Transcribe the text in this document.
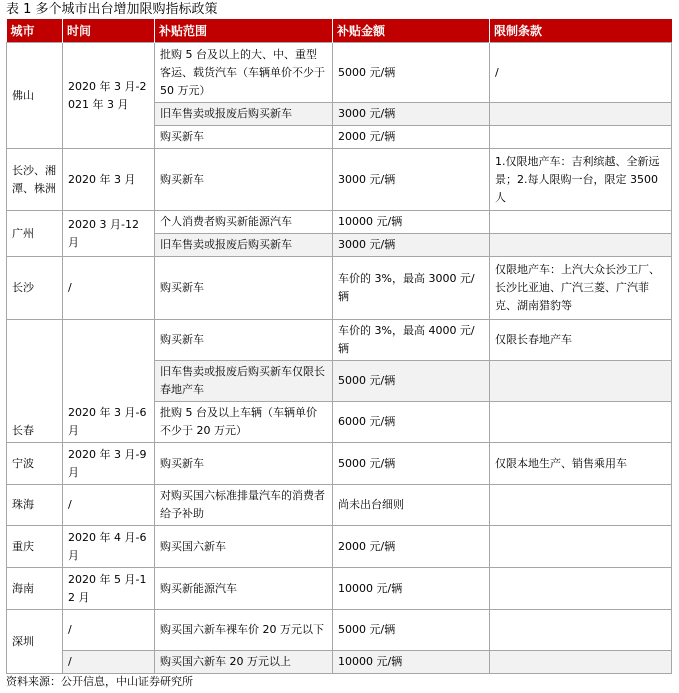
表 1 多个城市出台增加限购指标政策
城市	时间	补贴范围	补贴金额	限制条款
佛山	2020 年 3 月-2021 年 3 月	批购 5 台及以上的大、中、重型客运、载货汽车（车辆单价不少于 50 万元）	5000 元/辆	/
		旧车售卖或报废后购买新车	3000 元/辆	
		购买新车	2000 元/辆	
长沙、湘潭、株洲	2020 年 3 月	购买新车	3000 元/辆	1.仅限地产车：吉利缤越、全新远景；2.每人限购一台，限定 3500 人
广州	2020 3 月-12 月	个人消费者购买新能源汽车	10000 元/辆	
		旧车售卖或报废后购买新车	3000 元/辆	
长沙	/	购买新车	车价的 3%，最高 3000 元/辆	仅限地产车：上汽大众长沙工厂、长沙比亚迪、广汽三菱、广汽菲克、湖南猎豹等
长春	2020 年 3 月-6 月	购买新车	车价的 3%，最高 4000 元/辆	仅限长春地产车
		旧车售卖或报废后购买新车仅限长春地产车	5000 元/辆	
		批购 5 台及以上车辆（车辆单价不少于 20 万元）	6000 元/辆	
宁波	2020 年 3 月-9 月	购买新车	5000 元/辆	仅限本地生产、销售乘用车
珠海	/	对购买国六标准排量汽车的消费者给予补助	尚未出台细则	
重庆	2020 年 4 月-6 月	购买国六新车	2000 元/辆	
海南	2020 年 5 月-12 月	购买新能源汽车	10000 元/辆	
深圳	/	购买国六新车裸车价 20 万元以下	5000 元/辆	
	/	购买国六新车 20 万元以上	10000 元/辆	
资料来源：公开信息，中山证券研究所
